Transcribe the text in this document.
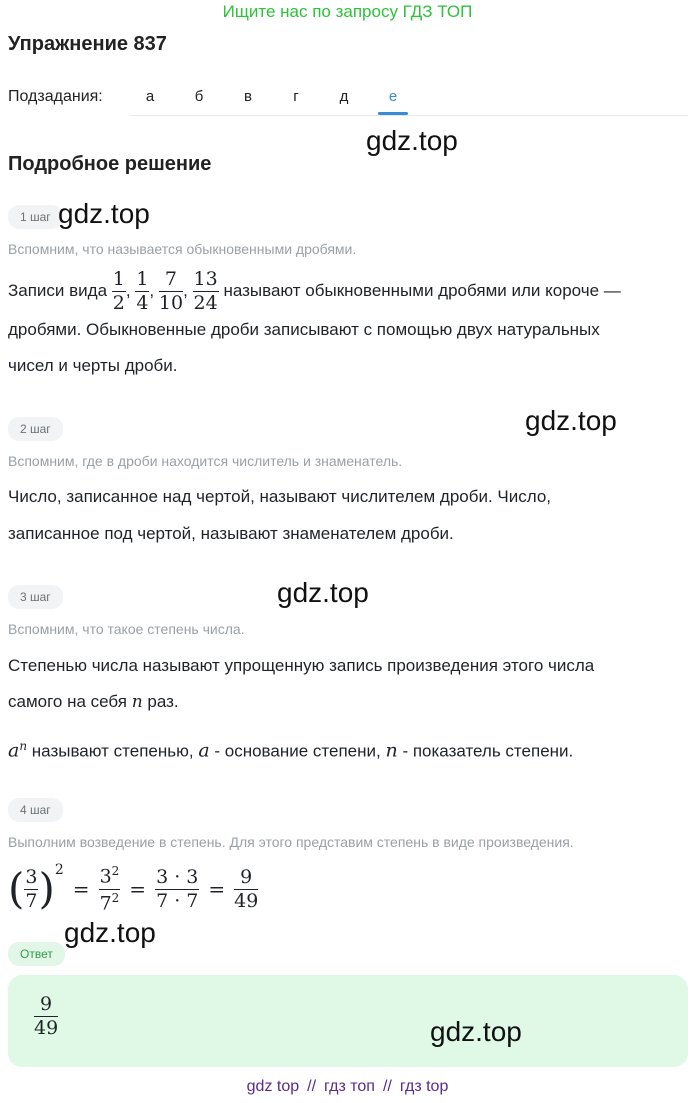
Ищите нас по запросу ГДЗ ТОП
Упражнение 837
Подзадания:	а	б	в	г	д	е
gdz.top
Подробное решение
1 шаг gdz.top
Вспомним, что называется обыкновенными дробями.
Записи вида $\frac{1}{2}$ , $\frac{1}{4}$ , $\frac{7}{10}$ , $\frac{13}{24}$ называют обыкновенными дробями или короче —
дробями. Обыкновенные дроби записывают с помощью двух натуральных
чисел и черты дроби.
2 шаг	gdz.top
Вспомним, где в дроби находится числитель и знаменатель.
Число, записанное над чертой, называют числителем дроби. Число,
записанное под чертой, называют знаменателем дроби.
3 шаг	gdz.top
Вспомним, что такое степень числа.
Степенью числа называют упрощенную запись произведения этого числа
самого на себя n раз.
$a^n$ называют степенью, a - основание степени, n - показатель степени.
4 шаг
Выполним возведение в степень. Для этого представим степень в виде произведения.
( $\frac{3}{7}$ ) 2
= $\frac{3^2}{7^2} = \frac{3 \cdot 3}{7 \cdot 7} = \frac{9}{49}$
Ответ
gdz.top
$\frac{9}{49}$	gdz.top
gdz top // гдз топ // гдз top
